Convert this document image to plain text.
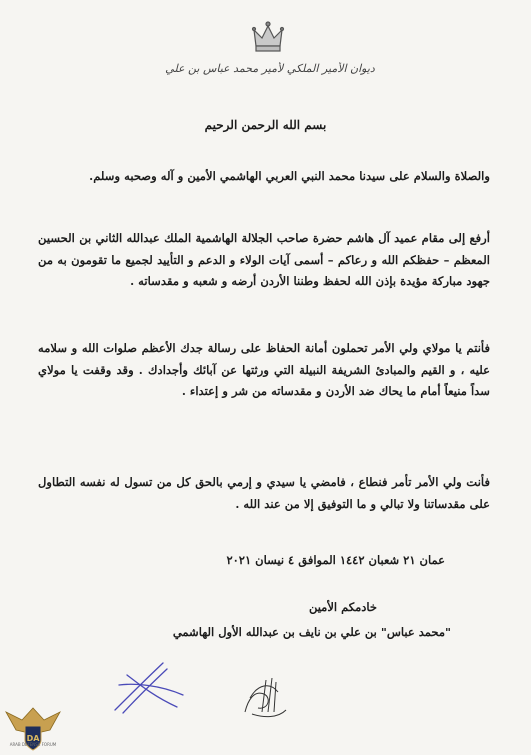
ديوان الأمير الملكي لأمير محمد عباس بن علي
بسم الله الرحمن الرحيم
والصلاة والسلام على سيدنا محمد النبي العربي الهاشمي الأمين و آله وصحبه وسلم.
أرفع إلى مقام عميد آل هاشم حضرة صاحب الجلالة الهاشمية الملك عبدالله الثاني بن الحسين المعظم – حفظكم الله و رعاكم – أسمى آيات الولاء و الدعم و التأييد لجميع ما تقومون به من جهود مباركة مؤيدة بإذن الله لحفظ وطننا الأردن أرضه و شعبه و مقدساته .
فأنتم يا مولاي ولي الأمر تحملون أمانة الحفاظ على رسالة جدك الأعظم صلوات الله و سلامه عليه ، و القيم والمبادئ الشريفة النبيلة التي ورثتها عن آبائك وأجدادك . وقد وقفت يا مولاي سداً منيعاً أمام ما يحاك ضد الأردن و مقدساته من شر و إعتداء .
فأنت ولي الأمر تأمر فنطاع ، فامضي يا سيدي و إرمي بالحق كل من تسول له نفسه التطاول على مقدساتنا ولا تبالي و ما التوفيق إلا من عند الله .
عمان ٢١ شعبان ١٤٤٢ الموافق ٤ نيسان ٢٠٢١
خادمكم الأمين
"محمد عباس" بن علي بن نايف بن عبدالله الأول الهاشمي
DA
ARAB DEFENSE FORUM
